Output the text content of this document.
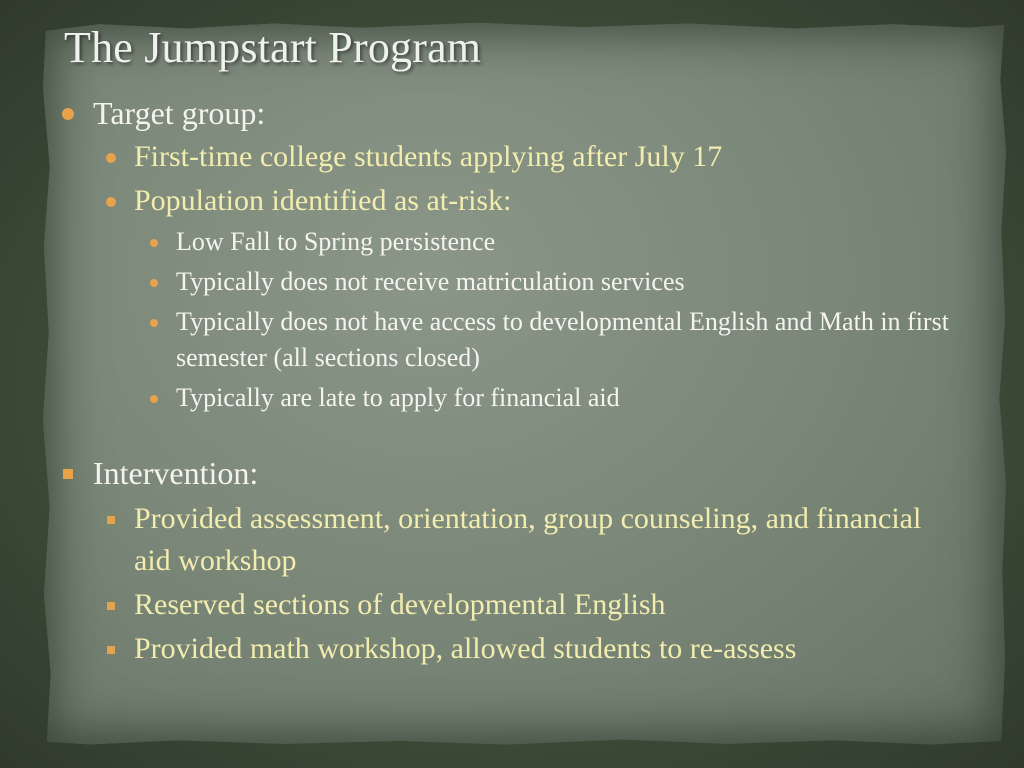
The Jumpstart Program
Target group:
First-time college students applying after July 17
Population identified as at-risk:
Low Fall to Spring persistence
Typically does not receive matriculation services
Typically does not have access to developmental English and Math in first semester (all sections closed)
Typically are late to apply for financial aid
Intervention:
Provided assessment, orientation, group counseling, and financial aid workshop
Reserved sections of developmental English
Provided math workshop, allowed students to re-assess
